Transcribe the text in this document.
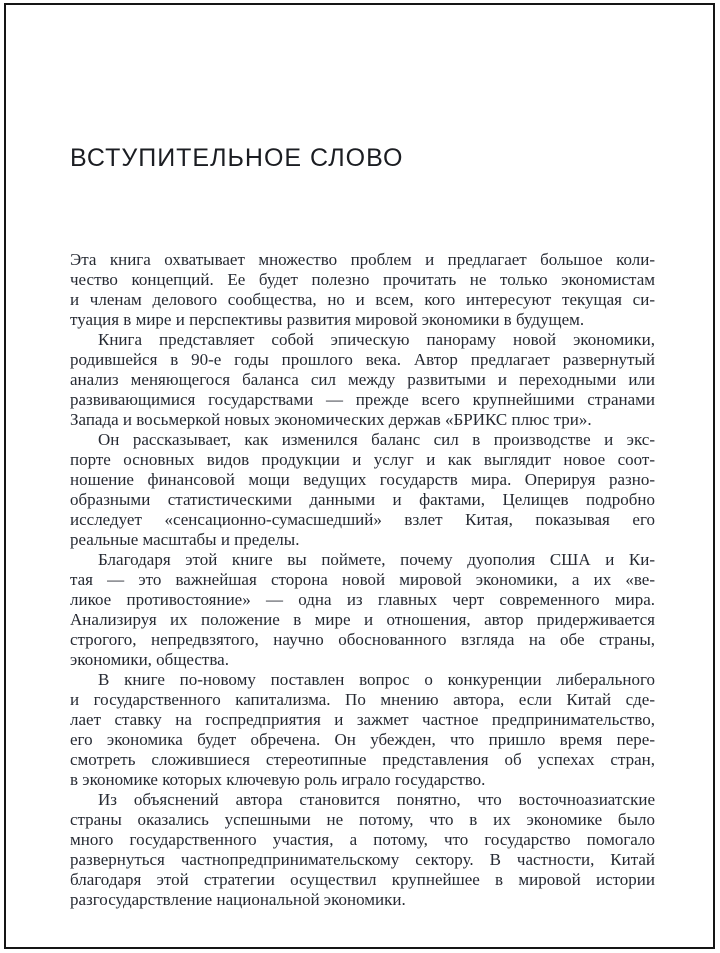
ВСТУПИТЕЛЬНОЕ СЛОВО
Эта книга охватывает множество проблем и предлагает большое коли-
чество концепций. Ее будет полезно прочитать не только экономистам
и членам делового сообщества, но и всем, кого интересуют текущая си-
туация в мире и перспективы развития мировой экономики в будущем.
Книга представляет собой эпическую панораму новой экономики,
родившейся в 90-е годы прошлого века. Автор предлагает развернутый
анализ меняющегося баланса сил между развитыми и переходными или
развивающимися государствами — прежде всего крупнейшими странами
Запада и восьмеркой новых экономических держав «БРИКС плюс три».
Он рассказывает, как изменился баланс сил в производстве и экс-
порте основных видов продукции и услуг и как выглядит новое соот-
ношение финансовой мощи ведущих государств мира. Оперируя разно-
образными статистическими данными и фактами, Целищев подробно
исследует «сенсационно-сумасшедший» взлет Китая, показывая его
реальные масштабы и пределы.
Благодаря этой книге вы поймете, почему дуополия США и Ки-
тая — это важнейшая сторона новой мировой экономики, а их «ве-
ликое противостояние» — одна из главных черт современного мира.
Анализируя их положение в мире и отношения, автор придерживается
строгого, непредвзятого, научно обоснованного взгляда на обе страны,
экономики, общества.
В книге по-новому поставлен вопрос о конкуренции либерального
и государственного капитализма. По мнению автора, если Китай сде-
лает ставку на госпредприятия и зажмет частное предпринимательство,
его экономика будет обречена. Он убежден, что пришло время пере-
смотреть сложившиеся стереотипные представления об успехах стран,
в экономике которых ключевую роль играло государство.
Из объяснений автора становится понятно, что восточноазиатские
страны оказались успешными не потому, что в их экономике было
много государственного участия, а потому, что государство помогало
развернуться частнопредпринимательскому сектору. В частности, Китай
благодаря этой стратегии осуществил крупнейшее в мировой истории
разгосударствление национальной экономики.
